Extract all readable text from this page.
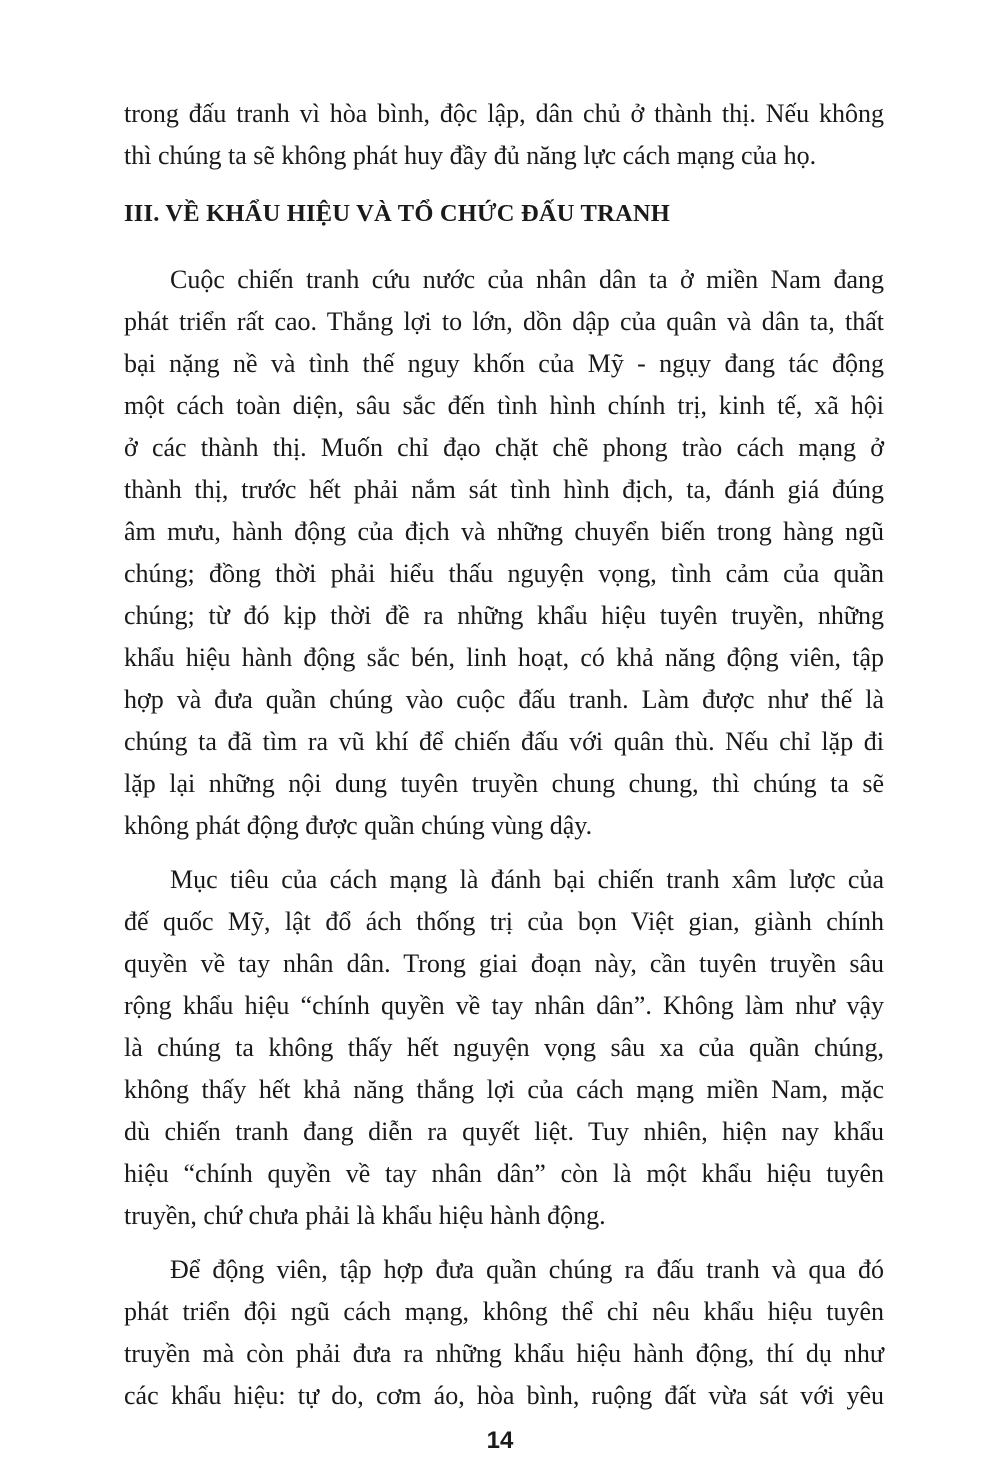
trong đấu tranh vì hòa bình, độc lập, dân chủ ở thành thị. Nếu không
thì chúng ta sẽ không phát huy đầy đủ năng lực cách mạng của họ.
III. VỀ KHẨU HIỆU VÀ TỔ CHỨC ĐẤU TRANH
Cuộc chiến tranh cứu nước của nhân dân ta ở miền Nam đang
phát triển rất cao. Thắng lợi to lớn, dồn dập của quân và dân ta, thất
bại nặng nề và tình thế nguy khốn của Mỹ - ngụy đang tác động
một cách toàn diện, sâu sắc đến tình hình chính trị, kinh tế, xã hội
ở các thành thị. Muốn chỉ đạo chặt chẽ phong trào cách mạng ở
thành thị, trước hết phải nắm sát tình hình địch, ta, đánh giá đúng
âm mưu, hành động của địch và những chuyển biến trong hàng ngũ
chúng; đồng thời phải hiểu thấu nguyện vọng, tình cảm của quần
chúng; từ đó kịp thời đề ra những khẩu hiệu tuyên truyền, những
khẩu hiệu hành động sắc bén, linh hoạt, có khả năng động viên, tập
hợp và đưa quần chúng vào cuộc đấu tranh. Làm được như thế là
chúng ta đã tìm ra vũ khí để chiến đấu với quân thù. Nếu chỉ lặp đi
lặp lại những nội dung tuyên truyền chung chung, thì chúng ta sẽ
không phát động được quần chúng vùng dậy.
Mục tiêu của cách mạng là đánh bại chiến tranh xâm lược của
đế quốc Mỹ, lật đổ ách thống trị của bọn Việt gian, giành chính
quyền về tay nhân dân. Trong giai đoạn này, cần tuyên truyền sâu
rộng khẩu hiệu “chính quyền về tay nhân dân”. Không làm như vậy
là chúng ta không thấy hết nguyện vọng sâu xa của quần chúng,
không thấy hết khả năng thắng lợi của cách mạng miền Nam, mặc
dù chiến tranh đang diễn ra quyết liệt. Tuy nhiên, hiện nay khẩu
hiệu “chính quyền về tay nhân dân” còn là một khẩu hiệu tuyên
truyền, chứ chưa phải là khẩu hiệu hành động.
Để động viên, tập hợp đưa quần chúng ra đấu tranh và qua đó
phát triển đội ngũ cách mạng, không thể chỉ nêu khẩu hiệu tuyên
truyền mà còn phải đưa ra những khẩu hiệu hành động, thí dụ như
các khẩu hiệu: tự do, cơm áo, hòa bình, ruộng đất vừa sát với yêu
14
